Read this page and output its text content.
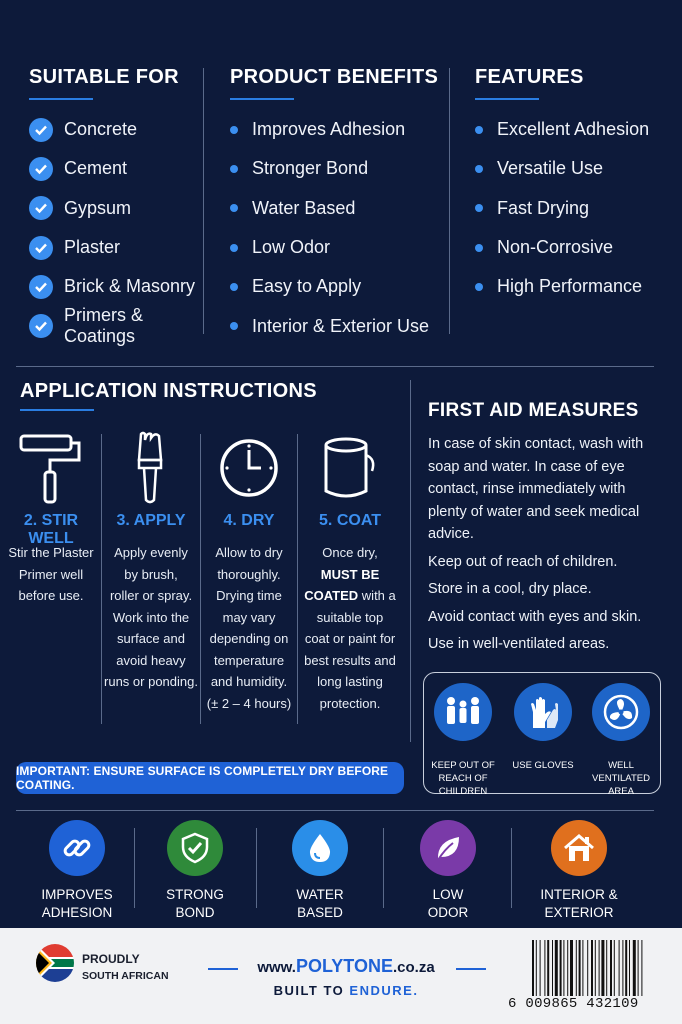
SUITABLE FOR
Concrete
Cement
Gypsum
Plaster
Brick & Masonry
Primers & Coatings
PRODUCT BENEFITS
Improves Adhesion
Stronger Bond
Water Based
Low Odor
Easy to Apply
Interior & Exterior Use
FEATURES
Excellent Adhesion
Versatile Use
Fast Drying
Non-Corrosive
High Performance
APPLICATION INSTRUCTIONS
2. STIR WELL
Stir the Plaster
Primer well
before use.
3. APPLY
Apply evenly
by brush,
roller or spray.
Work into the
surface and
avoid heavy
runs or ponding.
4. DRY
Allow to dry
thoroughly.
Drying time
may vary
depending on
temperature
and humidity.
(± 2 – 4 hours)
5. COAT
Once dry,
MUST BE
COATED with a
suitable top
coat or paint for
best results and
long lasting
protection.
IMPORTANT: ENSURE SURFACE IS COMPLETELY DRY BEFORE COATING.
FIRST AID MEASURES

In case of skin contact, wash with soap and water. In case of eye contact, rinse immediately with plenty of water and seek medical advice.

Keep out of reach of children.

Store in a cool, dry place.

Avoid contact with eyes and skin.

Use in well-ventilated areas.

KEEP OUT OF
REACH OF CHILDREN
USE GLOVES	WELL
VENTILATED AREA
IMPROVES
ADHESION
STRONG
BOND
WATER
BASED
LOW
ODOR
INTERIOR &
EXTERIOR
PROUDLY
SOUTH AFRICAN	www.POLYTONE.co.za
BUILT TO ENDURE.
6 009865 432109
